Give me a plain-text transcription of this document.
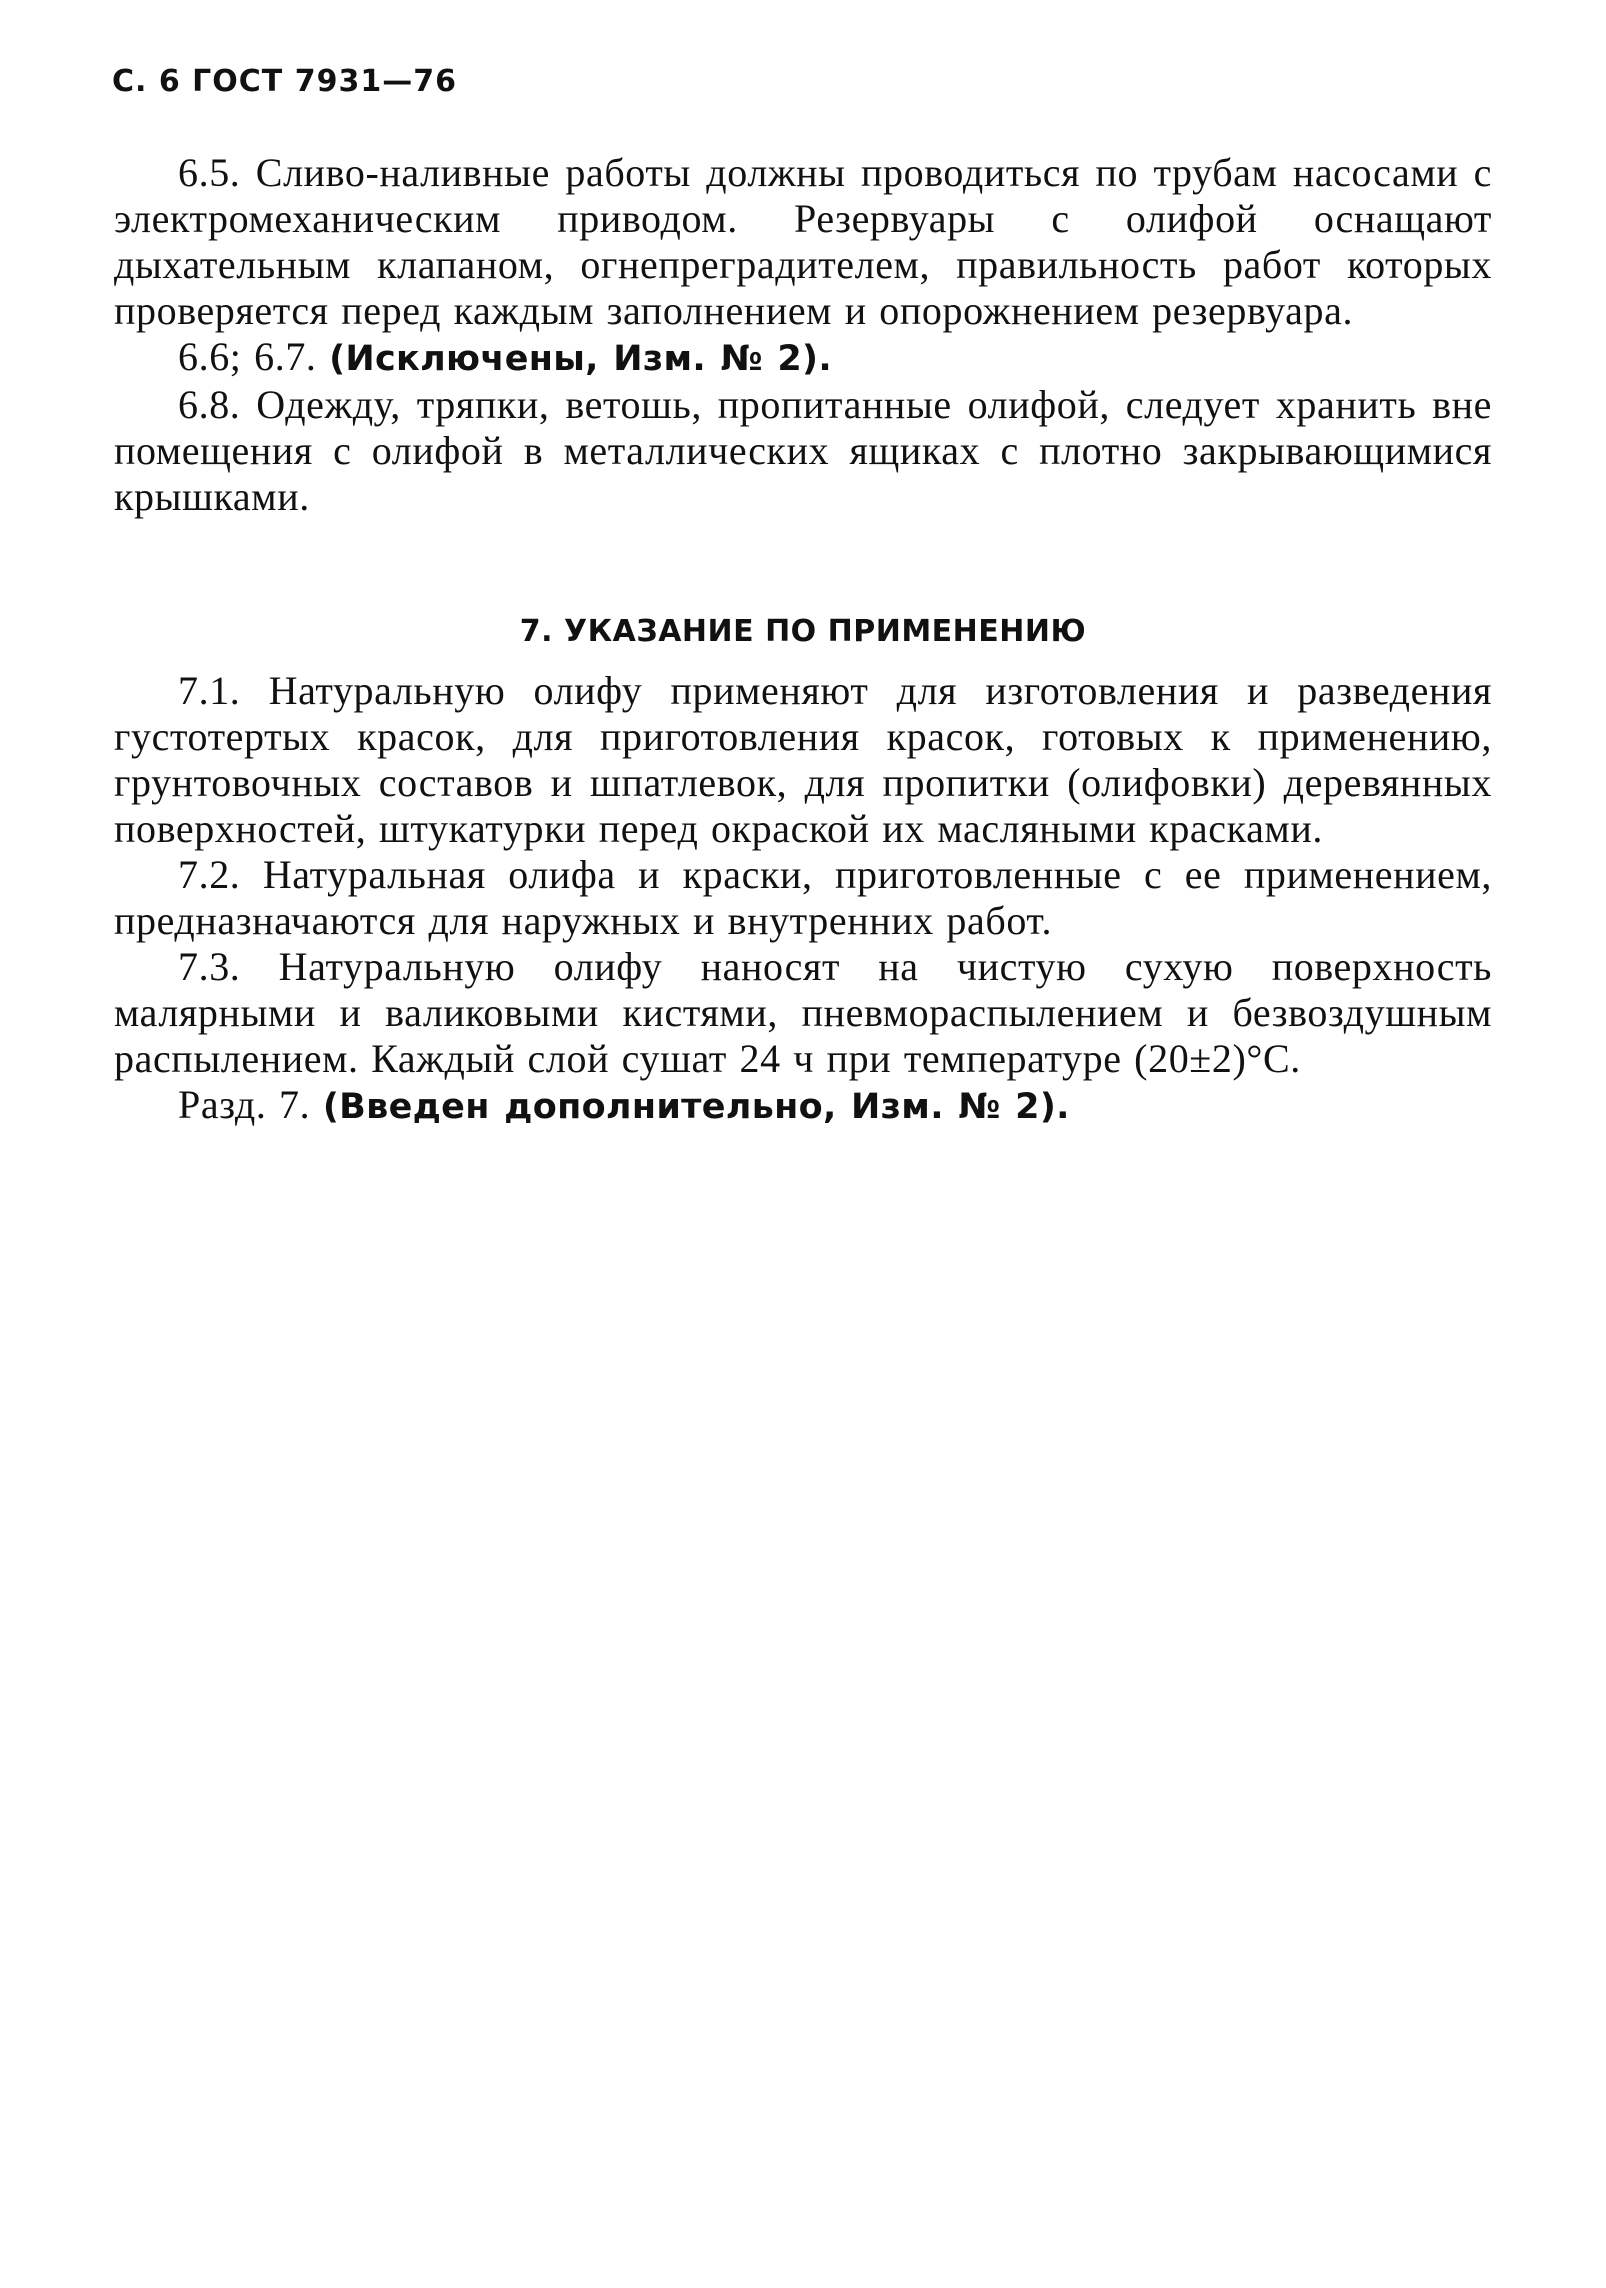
С. 6 ГОСТ 7931—76

6.5. Сливо-наливные работы должны проводиться по трубам насосами с электромеханическим приводом. Резервуары с олифой оснащают дыхательным клапаном, огнепреградителем, правильность работ которых проверяется перед каждым заполнением и опорожнением резервуара.

6.6; 6.7. (Исключены, Изм. № 2).

6.8. Одежду, тряпки, ветошь, пропитанные олифой, следует хранить вне помещения с олифой в металлических ящиках с плотно закрывающимися крышками.

7. УКАЗАНИЕ ПО ПРИМЕНЕНИЮ

7.1. Натуральную олифу применяют для изготовления и разведения густотертых красок, для приготовления красок, готовых к применению, грунтовочных составов и шпатлевок, для пропитки (олифовки) деревянных поверхностей, штукатурки перед окраской их масляными красками.

7.2. Натуральная олифа и краски, приготовленные с ее применением, предназначаются для наружных и внутренних работ.

7.3. Натуральную олифу наносят на чистую сухую поверхность малярными и валиковыми кистями, пневмораспылением и безвоздушным распылением. Каждый слой сушат 24 ч при температуре (20±2)°С.

Разд. 7. (Введен дополнительно, Изм. № 2).
